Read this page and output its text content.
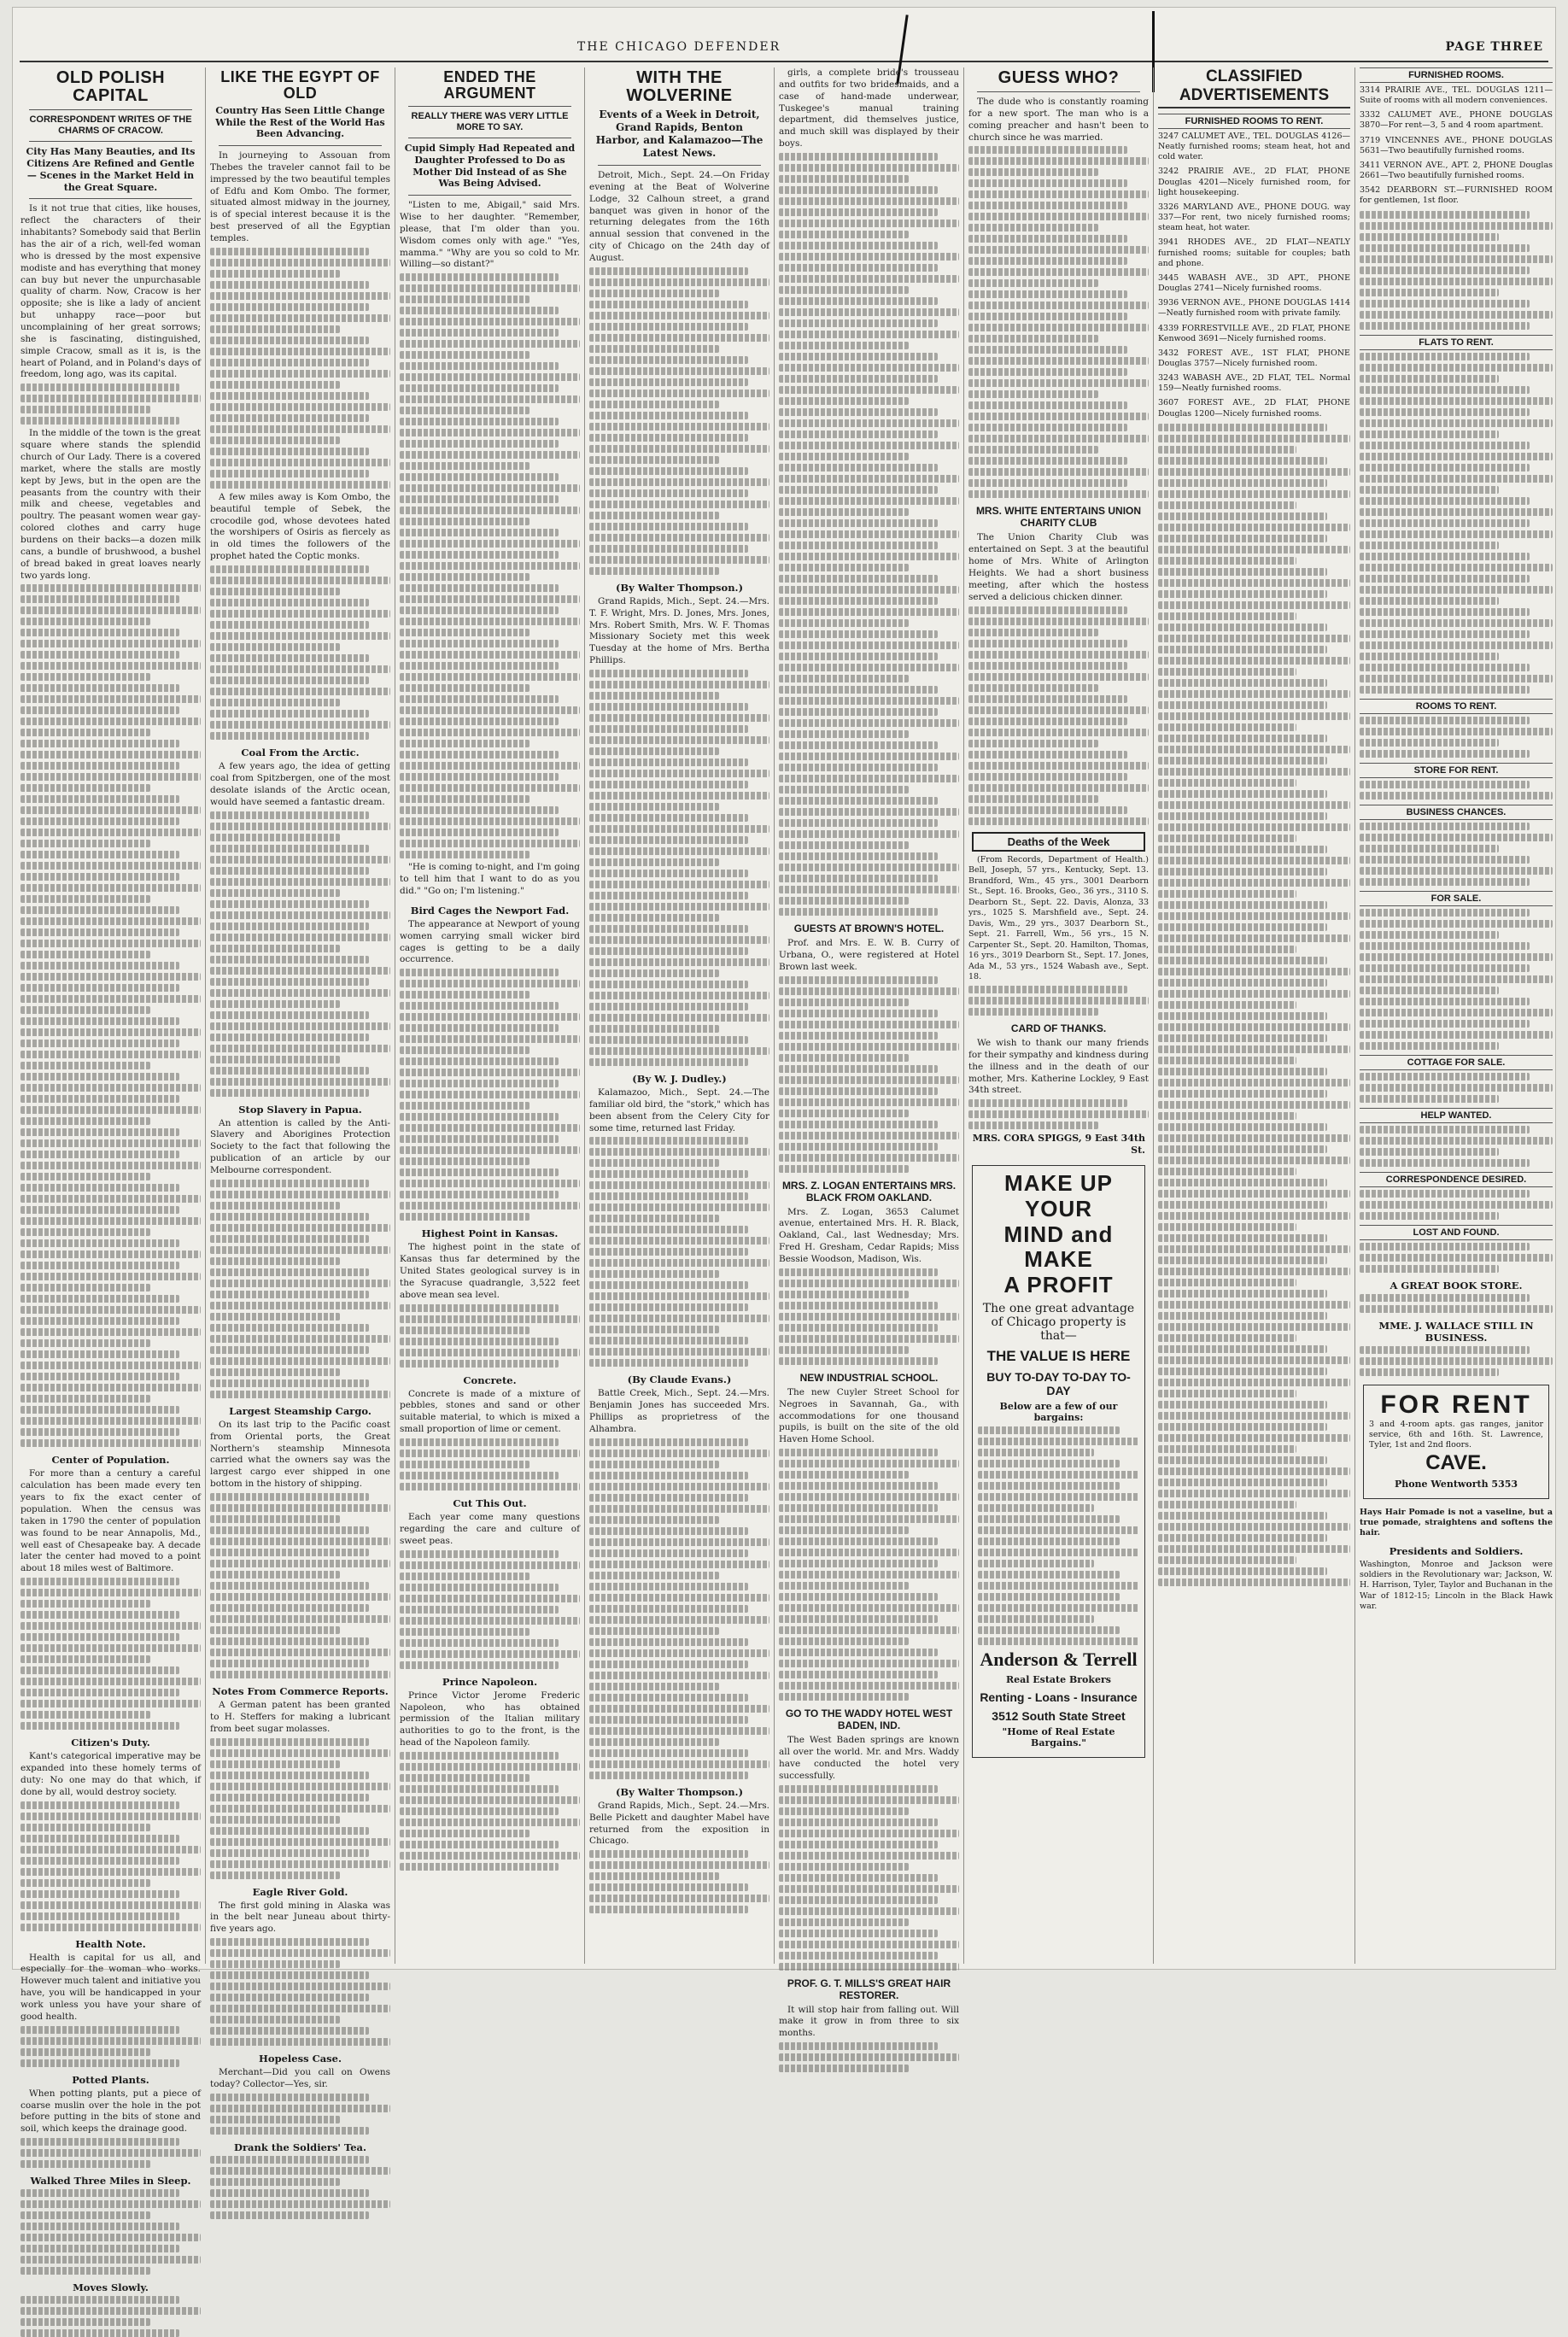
THE CHICAGO DEFENDER	PAGE THREE
OLD POLISH CAPITAL
CORRESPONDENT WRITES OF THE CHARMS OF CRACOW.
City Has Many Beauties, and Its Citizens Are Refined and Gentle— Scenes in the Market Held in the Great Square.

Is it not true that cities, like houses, reflect the characters of their inhabitants? Somebody said that Berlin has the air of a rich, well-fed woman who is dressed by the most expensive modiste and has everything that money can buy but never the unpurchasable quality of charm. Now, Cracow is her opposite; she is like a lady of ancient but unhappy race—poor but uncomplaining of her great sorrows; she is fascinating, distinguished, simple Cracow, small as it is, is the heart of Poland, and in Poland's days of freedom, long ago, was its capital.

In the middle of the town is the great square where stands the splendid church of Our Lady. There is a covered market, where the stalls are mostly kept by Jews, but in the open are the peasants from the country with their milk and cheese, vegetables and poultry. The peasant women wear gay-colored clothes and carry huge burdens on their backs—a dozen milk cans, a bundle of brushwood, a bushel of bread baked in great loaves nearly two yards long.

Center of Population.

For more than a century a careful calculation has been made every ten years to fix the exact center of population. When the census was taken in 1790 the center of population was found to be near Annapolis, Md., well east of Chesapeake bay. A decade later the center had moved to a point about 18 miles west of Baltimore.

Citizen's Duty.

Kant's categorical imperative may be expanded into these homely terms of duty: No one may do that which, if done by all, would destroy society.

Health Note.

Health is capital for us all, and especially for the woman who works. However much talent and initiative you have, you will be handicapped in your work unless you have your share of good health.

Potted Plants.

When potting plants, put a piece of coarse muslin over the hole in the pot before putting in the bits of stone and soil, which keeps the drainage good.

Walked Three Miles in Sleep.
Moves Slowly.
LIKE THE EGYPT OF OLD
Country Has Seen Little Change While the Rest of the World Has Been Advancing.

In journeying to Assouan from Thebes the traveler cannot fail to be impressed by the two beautiful temples of Edfu and Kom Ombo. The former, situated almost midway in the journey, is of special interest because it is the best preserved of all the Egyptian temples.

A few miles away is Kom Ombo, the beautiful temple of Sebek, the crocodile god, whose devotees hated the worshipers of Osiris as fiercely as in old times the followers of the prophet hated the Coptic monks.

Coal From the Arctic.

A few years ago, the idea of getting coal from Spitzbergen, one of the most desolate islands of the Arctic ocean, would have seemed a fantastic dream.

Stop Slavery in Papua.

An attention is called by the Anti-Slavery and Aborigines Protection Society to the fact that following the publication of an article by our Melbourne correspondent.

Largest Steamship Cargo.

On its last trip to the Pacific coast from Oriental ports, the Great Northern's steamship Minnesota carried what the owners say was the largest cargo ever shipped in one bottom in the history of shipping.

Notes From Commerce Reports.

A German patent has been granted to H. Steffers for making a lubricant from beet sugar molasses.

Eagle River Gold.

The first gold mining in Alaska was in the belt near Juneau about thirty-five years ago.

Hopeless Case.

Merchant—Did you call on Owens today? Collector—Yes, sir.

Drank the Soldiers' Tea.
ENDED THE ARGUMENT
REALLY THERE WAS VERY LITTLE MORE TO SAY.
Cupid Simply Had Repeated and Daughter Professed to Do as Mother Did Instead of as She Was Being Advised.

"Listen to me, Abigail," said Mrs. Wise to her daughter. "Remember, please, that I'm older than you. Wisdom comes only with age." "Yes, mamma." "Why are you so cold to Mr. Willing—so distant?"

"He is coming to-night, and I'm going to tell him that I want to do as you did." "Go on; I'm listening."

Bird Cages the Newport Fad.

The appearance at Newport of young women carrying small wicker bird cages is getting to be a daily occurrence.

Highest Point in Kansas.

The highest point in the state of Kansas thus far determined by the United States geological survey is in the Syracuse quadrangle, 3,522 feet above mean sea level.

Concrete.

Concrete is made of a mixture of pebbles, stones and sand or other suitable material, to which is mixed a small proportion of lime or cement.

Cut This Out.

Each year come many questions regarding the care and culture of sweet peas.

Prince Napoleon.

Prince Victor Jerome Frederic Napoleon, who has obtained permission of the Italian military authorities to go to the front, is the head of the Napoleon family.

WITH THE WOLVERINE
Events of a Week in Detroit, Grand Rapids, Benton Harbor, and Kalamazoo—The Latest News.

Detroit, Mich., Sept. 24.—On Friday evening at the Beat of Wolverine Lodge, 32 Calhoun street, a grand banquet was given in honor of the returning delegates from the 16th annual session that convened in the city of Chicago on the 24th day of August.

(By Walter Thompson.)

Grand Rapids, Mich., Sept. 24.—Mrs. T. F. Wright, Mrs. D. Jones, Mrs. Jones, Mrs. Robert Smith, Mrs. W. F. Thomas Missionary Society met this week Tuesday at the home of Mrs. Bertha Phillips.

(By W. J. Dudley.)

Kalamazoo, Mich., Sept. 24.—The familiar old bird, the "stork," which has been absent from the Celery City for some time, returned last Friday.

(By Claude Evans.)

Battle Creek, Mich., Sept. 24.—Mrs. Benjamin Jones has succeeded Mrs. Phillips as proprietress of the Alhambra.

(By Walter Thompson.)

Grand Rapids, Mich., Sept. 24.—Mrs. Belle Pickett and daughter Mabel have returned from the exposition in Chicago.

girls, a complete bride's trousseau and outfits for two bridesmaids, and a case of hand-made underwear, Tuskegee's manual training department, did themselves justice, and much skill was displayed by their boys.

GUESTS AT BROWN'S HOTEL.

Prof. and Mrs. E. W. B. Curry of Urbana, O., were registered at Hotel Brown last week.

MRS. Z. LOGAN ENTERTAINS MRS. BLACK FROM OAKLAND.

Mrs. Z. Logan, 3653 Calumet avenue, entertained Mrs. H. R. Black, Oakland, Cal., last Wednesday; Mrs. Fred H. Gresham, Cedar Rapids; Miss Bessie Woodson, Madison, Wis.

NEW INDUSTRIAL SCHOOL.

The new Cuyler Street School for Negroes in Savannah, Ga., with accommodations for one thousand pupils, is built on the site of the old Haven Home School.

GO TO THE WADDY HOTEL WEST BADEN, IND.

The West Baden springs are known all over the world. Mr. and Mrs. Waddy have conducted the hotel very successfully.

PROF. G. T. MILLS'S GREAT HAIR RESTORER.

It will stop hair from falling out. Will make it grow in from three to six months.

GUESS WHO?

The dude who is constantly roaming for a new sport. The man who is a coming preacher and hasn't been to church since he was married.

MRS. WHITE ENTERTAINS UNION CHARITY CLUB

The Union Charity Club was entertained on Sept. 3 at the beautiful home of Mrs. White of Arlington Heights. We had a short business meeting, after which the hostess served a delicious chicken dinner.

Deaths of the Week

(From Records, Department of Health.) Bell, Joseph, 57 yrs., Kentucky, Sept. 13. Brandford, Wm., 45 yrs., 3001 Dearborn St., Sept. 16. Brooks, Geo., 36 yrs., 3110 S. Dearborn St., Sept. 22. Davis, Alonza, 33 yrs., 1025 S. Marshfield ave., Sept. 24. Davis, Wm., 29 yrs., 3037 Dearborn St., Sept. 21. Farrell, Wm., 56 yrs., 15 N. Carpenter St., Sept. 20. Hamilton, Thomas, 16 yrs., 3019 Dearborn St., Sept. 17. Jones, Ada M., 53 yrs., 1524 Wabash ave., Sept. 18.

CARD OF THANKS.

We wish to thank our many friends for their sympathy and kindness during the illness and in the death of our mother, Mrs. Katherine Lockley, 9 East 34th street.

MRS. CORA SPIGGS, 9 East 34th St.
MAKE UP YOUR
MIND and MAKE
A PROFIT
The one great advantage of Chicago property is that—
THE VALUE IS HERE
BUY TO-DAY TO-DAY TO-DAY
Below are a few of our bargains:
Anderson & Terrell
Real Estate Brokers
Renting - Loans - Insurance
3512 South State Street
"Home of Real Estate Bargains."
CLASSIFIED ADVERTISEMENTS
FURNISHED ROOMS TO RENT.
3247 CALUMET AVE., TEL. DOUGLAS 4126—Neatly furnished rooms; steam heat, hot and cold water.
3242 PRAIRIE AVE., 2D FLAT, PHONE Douglas 4201—Nicely furnished room, for light housekeeping.
3326 MARYLAND AVE., PHONE DOUG. way 337—For rent, two nicely furnished rooms; steam heat, hot water.
3941 RHODES AVE., 2D FLAT—NEATLY furnished rooms; suitable for couples; bath and phone.
3445 WABASH AVE., 3D APT., PHONE Douglas 2741—Nicely furnished rooms.
3936 VERNON AVE., PHONE DOUGLAS 1414—Neatly furnished room with private family.
4339 FORRESTVILLE AVE., 2D FLAT, PHONE Kenwood 3691—Nicely furnished rooms.
3432 FOREST AVE., 1ST FLAT, PHONE Douglas 3757—Nicely furnished room.
3243 WABASH AVE., 2D FLAT, TEL. Normal 159—Neatly furnished rooms.
3607 FOREST AVE., 2D FLAT, PHONE Douglas 1200—Nicely furnished rooms.
FURNISHED ROOMS.
3314 PRAIRIE AVE., TEL. DOUGLAS 1211—Suite of rooms with all modern conveniences.
3332 CALUMET AVE., PHONE DOUGLAS 3870—For rent—3, 5 and 4 room apartment.
3719 VINCENNES AVE., PHONE DOUGLAS 5631—Two beautifully furnished rooms.
3411 VERNON AVE., APT. 2, PHONE Douglas 2661—Two beautifully furnished rooms.
3542 DEARBORN ST.—FURNISHED ROOM for gentlemen, 1st floor.
FLATS TO RENT.
ROOMS TO RENT.
STORE FOR RENT.
BUSINESS CHANCES.
FOR SALE.
COTTAGE FOR SALE.
HELP WANTED.
CORRESPONDENCE DESIRED.
LOST AND FOUND.
A GREAT BOOK STORE.
MME. J. WALLACE STILL IN BUSINESS.
FOR RENT
3 and 4-room apts. gas ranges, janitor service, 6th and 16th. St. Lawrence, Tyler, 1st and 2nd floors.
CAVE.
Phone Wentworth 5353
Hays Hair Pomade is not a vaseline, but a true pomade, straightens and softens the hair.
Presidents and Soldiers.
Washington, Monroe and Jackson were soldiers in the Revolutionary war; Jackson, W. H. Harrison, Tyler, Taylor and Buchanan in the War of 1812-15; Lincoln in the Black Hawk war.
